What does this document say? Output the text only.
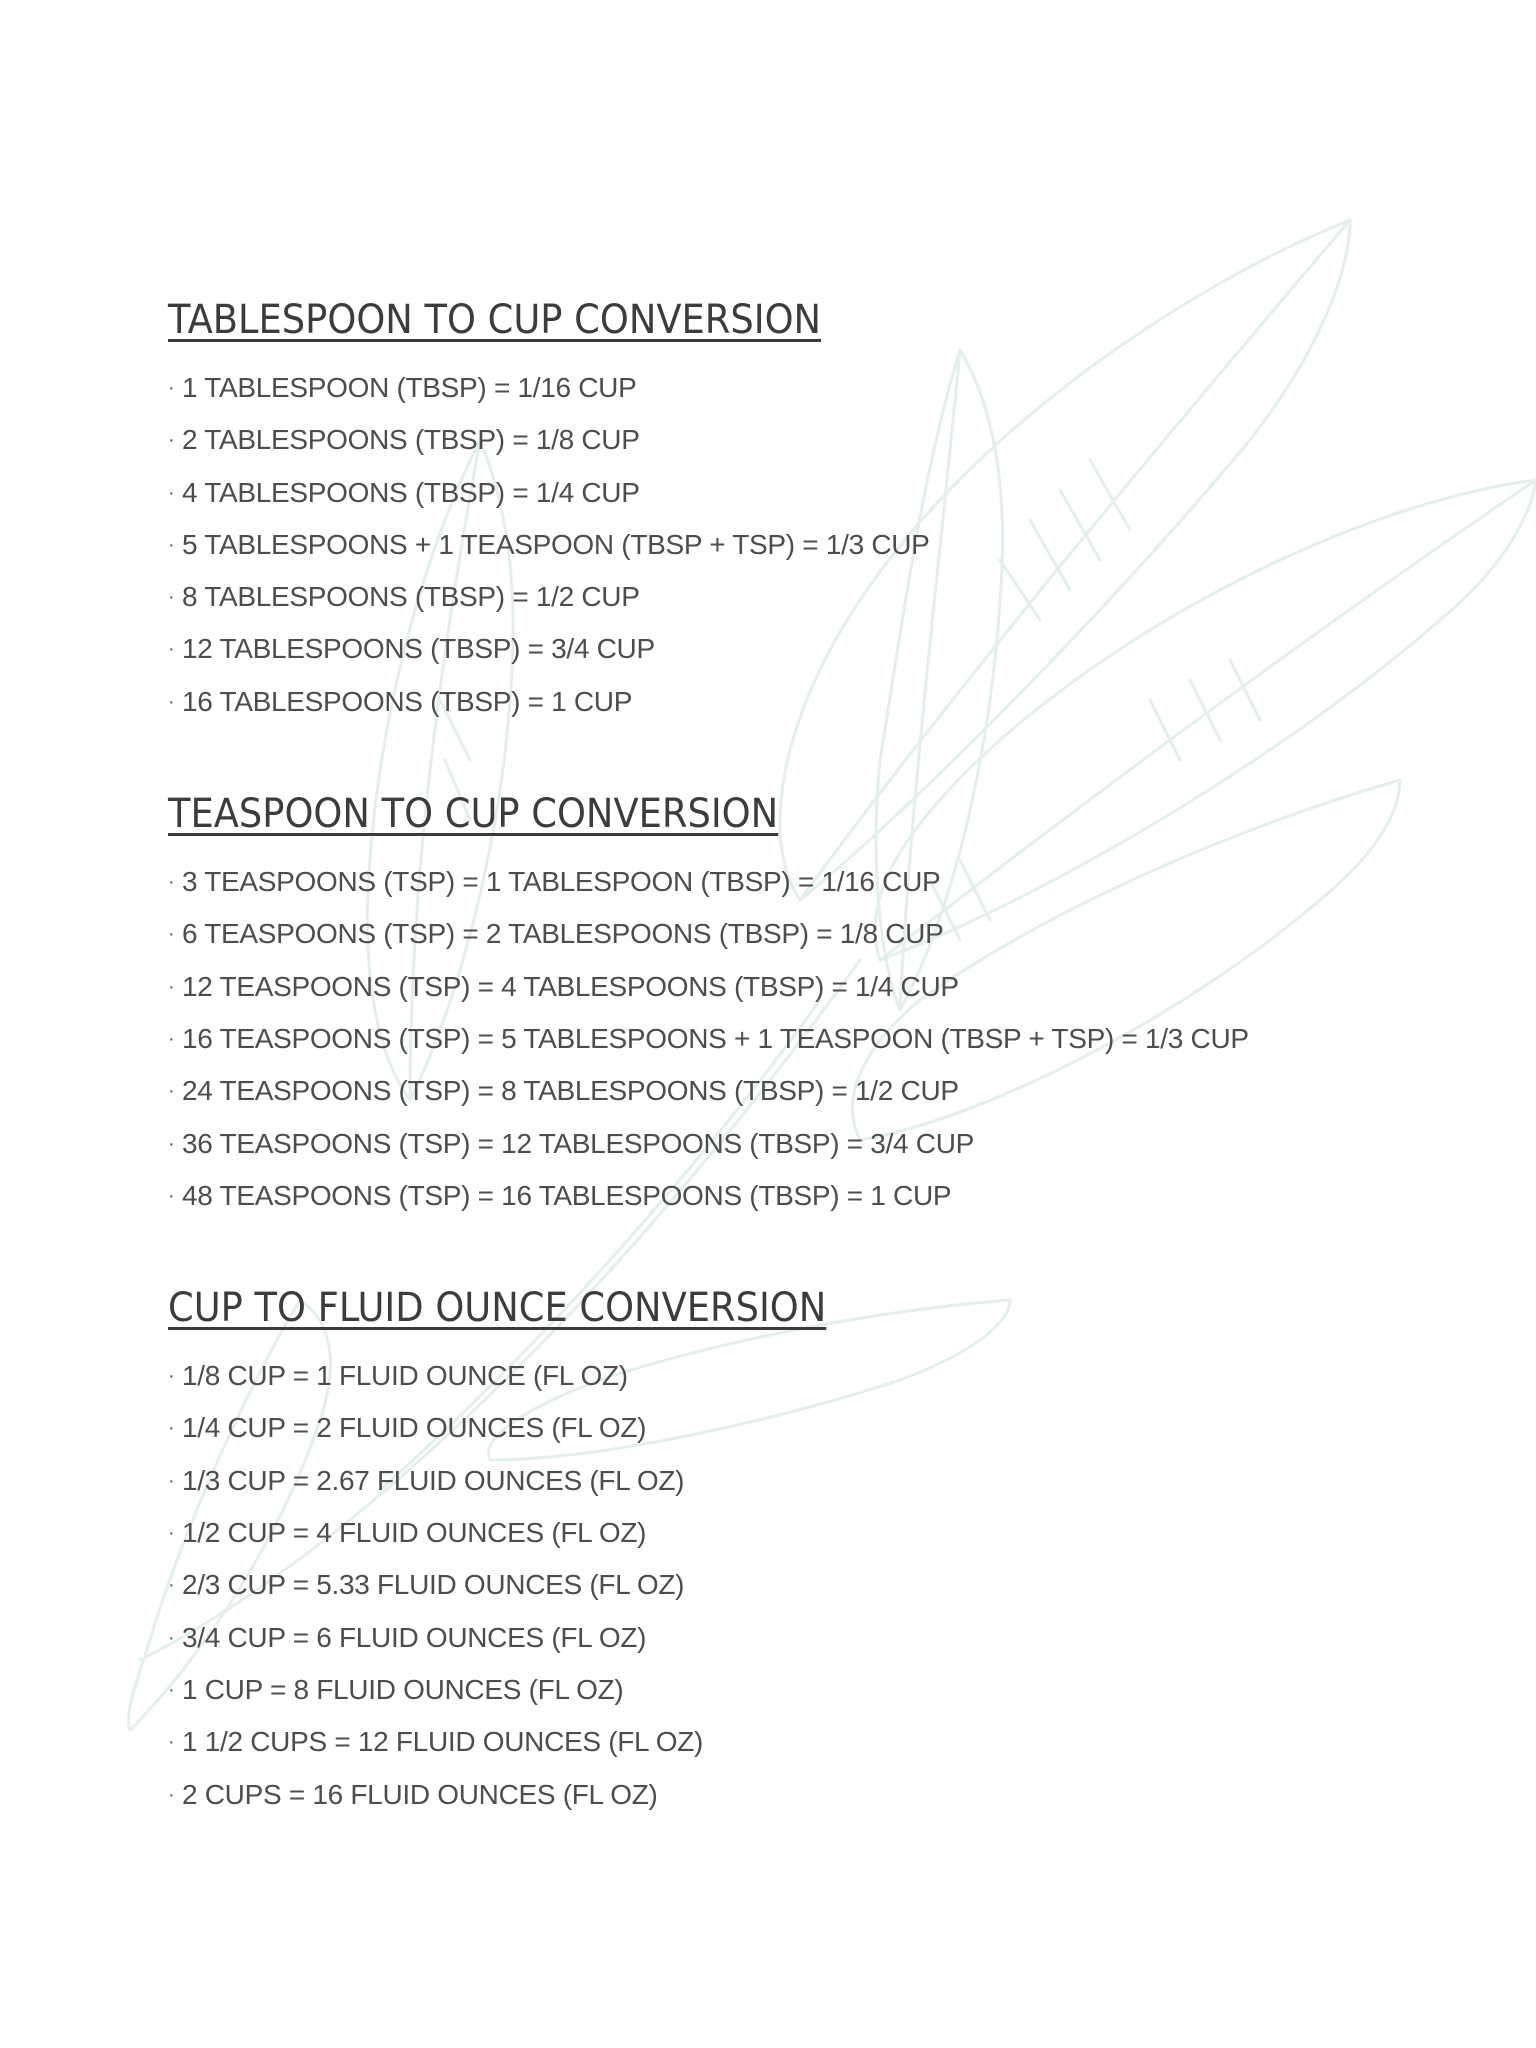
TABLESPOON TO CUP CONVERSION
· 1 TABLESPOON (TBSP) = 1/16 CUP
· 2 TABLESPOONS (TBSP) = 1/8 CUP
· 4 TABLESPOONS (TBSP) = 1/4 CUP
· 5 TABLESPOONS + 1 TEASPOON (TBSP + TSP) = 1/3 CUP
· 8 TABLESPOONS (TBSP) = 1/2 CUP
· 12 TABLESPOONS (TBSP) = 3/4 CUP
· 16 TABLESPOONS (TBSP) = 1 CUP
TEASPOON TO CUP CONVERSION
· 3 TEASPOONS (TSP) = 1 TABLESPOON (TBSP) = 1/16 CUP
· 6 TEASPOONS (TSP) = 2 TABLESPOONS (TBSP) = 1/8 CUP
· 12 TEASPOONS (TSP) = 4 TABLESPOONS (TBSP) = 1/4 CUP
· 16 TEASPOONS (TSP) = 5 TABLESPOONS + 1 TEASPOON (TBSP + TSP) = 1/3 CUP
· 24 TEASPOONS (TSP) = 8 TABLESPOONS (TBSP) = 1/2 CUP
· 36 TEASPOONS (TSP) = 12 TABLESPOONS (TBSP) = 3/4 CUP
· 48 TEASPOONS (TSP) = 16 TABLESPOONS (TBSP) = 1 CUP
CUP TO FLUID OUNCE CONVERSION
· 1/8 CUP = 1 FLUID OUNCE (FL OZ)
· 1/4 CUP = 2 FLUID OUNCES (FL OZ)
· 1/3 CUP = 2.67 FLUID OUNCES (FL OZ)
· 1/2 CUP = 4 FLUID OUNCES (FL OZ)
· 2/3 CUP = 5.33 FLUID OUNCES (FL OZ)
· 3/4 CUP = 6 FLUID OUNCES (FL OZ)
· 1 CUP = 8 FLUID OUNCES (FL OZ)
· 1 1/2 CUPS = 12 FLUID OUNCES (FL OZ)
· 2 CUPS = 16 FLUID OUNCES (FL OZ)
